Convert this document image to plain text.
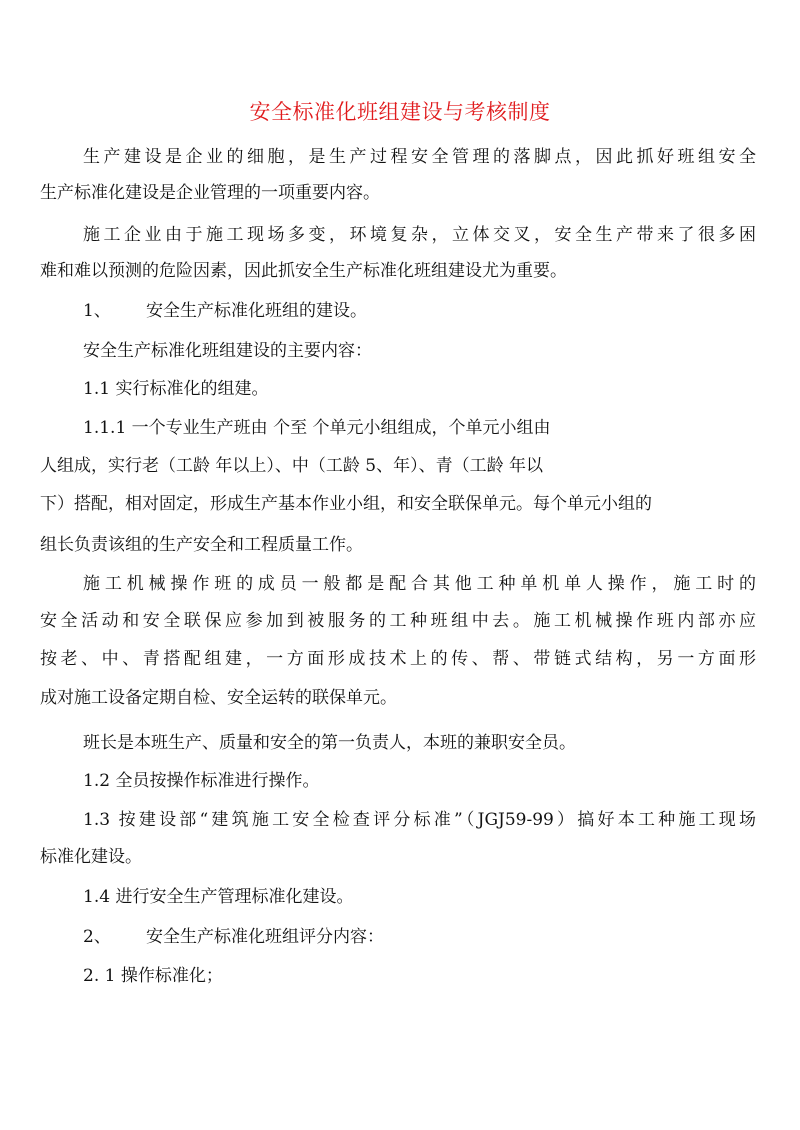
安全标准化班组建设与考核制度
生产建设是企业的细胞，是生产过程安全管理的落脚点，因此抓好班组安全
生产标准化建设是企业管理的一项重要内容。
施工企业由于施工现场多变，环境复杂，立体交叉，安全生产带来了很多困
难和难以预测的危险因素，因此抓安全生产标准化班组建设尤为重要。
1、 安全生产标准化班组的建设。
安全生产标准化班组建设的主要内容：
1.1 实行标准化的组建。
1.1.1 一个专业生产班由 个至 个单元小组组成，个单元小组由
人组成，实行老（工龄 年以上）、中（工龄 5、年）、青（工龄 年以
下）搭配，相对固定，形成生产基本作业小组，和安全联保单元。每个单元小组的
组长负责该组的生产安全和工程质量工作。
施工机械操作班的成员一般都是配合其他工种单机单人操作，施工时的
安全活动和安全联保应参加到被服务的工种班组中去。施工机械操作班内部亦应
按老、中、青搭配组建，一方面形成技术上的传、帮、带链式结构，另一方面形
成对施工设备定期自检、安全运转的联保单元。
班长是本班生产、质量和安全的第一负责人，本班的兼职安全员。
1.2 全员按操作标准进行操作。
1.3 按建设部“建筑施工安全检查评分标准”（JGJ59-99）搞好本工种施工现场
标准化建设。
1.4 进行安全生产管理标准化建设。
2、 安全生产标准化班组评分内容：
2. 1 操作标准化；
